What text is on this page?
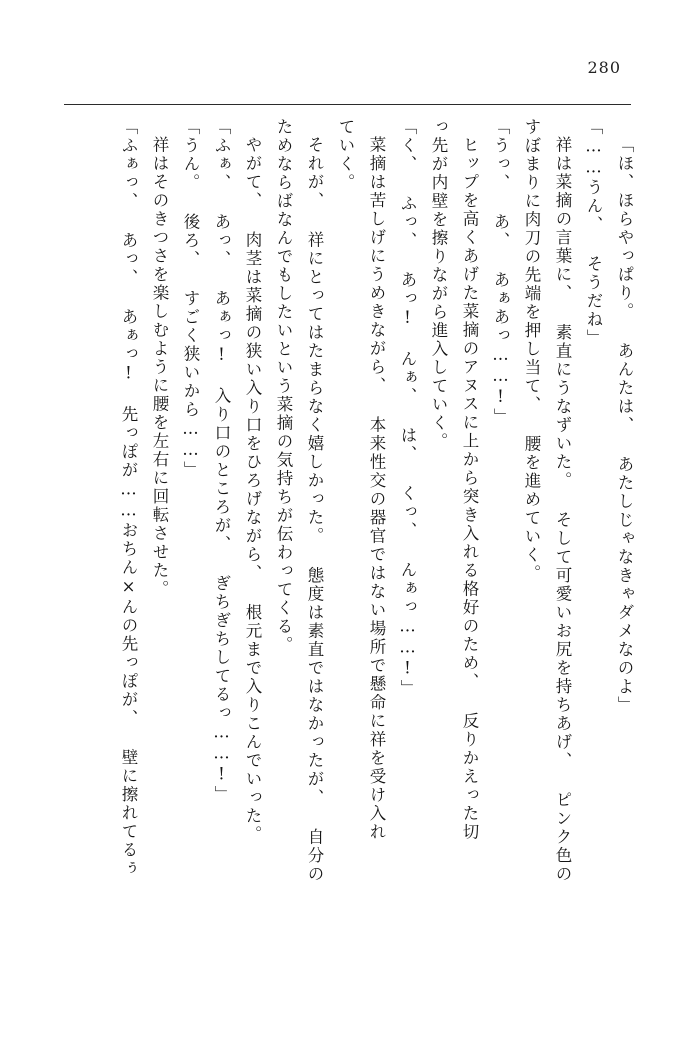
280
「ほ、ほらやっぱり。 あんたは、 あたしじゃなきゃダメなのよ」
「……うん、 そうだね」
祥は菜摘の言葉に、 素直にうなずいた。 そして可愛いお尻を持ちあげ、 ピンク色の
すぼまりに肉刀の先端を押し当て、 腰を進めていく。
「うっ、 あ、 あぁあっ……!」
ヒップを高くあげた菜摘のアヌスに上から突き入れる格好のため、 反りかえった切
っ先が内壁を擦りながら進入していく。
「く、 ふっ、 あっ! んぁ、 は、 くっ、 んぁっ……!」
菜摘は苦しげにうめきながら、 本来性交の器官ではない場所で懸命に祥を受け入れ
ていく。
それが、 祥にとってはたまらなく嬉しかった。 態度は素直ではなかったが、 自分の
ためならばなんでもしたいという菜摘の気持ちが伝わってくる。
やがて、 肉茎は菜摘の狭い入り口をひろげながら、 根元まで入りこんでいった。
「ふぁ、 あっ、 あぁっ! 入り口のところが、 ぎちぎちしてるっ……!」
「うん。 後ろ、 すごく狭いから……」
祥はそのきつさを楽しむように腰を左右に回転させた。
「ふぁっ、 あっ、 あぁっ! 先っぽが……おちん×んの先っぽが、 壁に擦れてるぅ
